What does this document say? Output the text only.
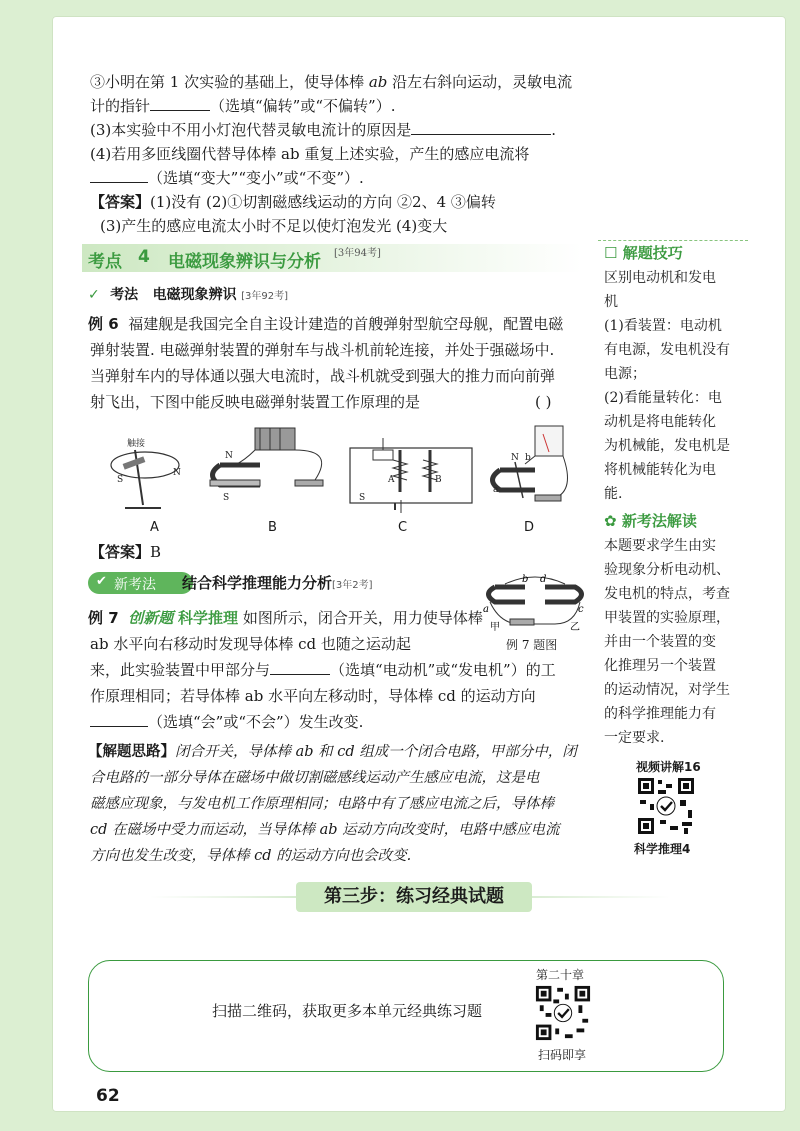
③小明在第 1 次实验的基础上，使导体棒 ab 沿左右斜向运动，灵敏电流
计的指针	（选填“偏转”或“不偏转”）.
(3)本实验中不用小灯泡代替灵敏电流计的原因是	.
(4)若用多匝线圈代替导体棒 ab 重复上述实验，产生的感应电流将
（选填“变大”“变小”或“不变”）.
【答案】(1)没有 (2)①切割磁感线运动的方向 ②2、4 ③偏转
(3)产生的感应电流太小时不足以使灯泡发光 (4)变大
考点 4 电磁现象辨识与分析 [3年94考]
✓ 考法 电磁现象辨识 [3年92考]
例 6 福建舰是我国完全自主设计建造的首艘弹射型航空母舰，配置电磁
弹射装置. 电磁弹射装置的弹射车与战斗机前轮连接，并处于强磁场中.
当弹射车内的导体通以强大电流时，战斗机就受到强大的推力而向前弹
射飞出，下图中能反映电磁弹射装置工作原理的是	( )
触接
N
S
N
S
A	B
S
N b
a
A	B	C	D
【答案】B
✔ 新考法 结合科学推理能力分析[3年2考]
b d
a	c
甲	乙
例 7 题图
例 7 创新题 科学推理 如图所示，闭合开关，用力使导体棒
ab 水平向右移动时发现导体棒 cd 也随之运动起
来，此实验装置中甲部分与	（选填“电动机”或“发电机”）的工
作原理相同；若导体棒 ab 水平向左移动时，导体棒 cd 的运动方向
（选填“会”或“不会”）发生改变.
【解题思路】闭合开关，导体棒 ab 和 cd 组成一个闭合电路，甲部分中，闭
合电路的一部分导体在磁场中做切割磁感线运动产生感应电流，这是电
磁感应现象，与发电机工作原理相同；电路中有了感应电流之后，导体棒
cd 在磁场中受力而运动，当导体棒 ab 运动方向改变时，电路中感应电流
方向也发生改变，导体棒 cd 的运动方向也会改变.
☐ 解题技巧
区别电动机和发电
机
(1)看装置：电动机
有电源，发电机没有
电源；
(2)看能量转化：电
动机是将电能转化
为机械能，发电机是
将机械能转化为电
能.
✿ 新考法解读
本题要求学生由实
验现象分析电动机、
发电机的特点，考查
甲装置的实验原理，
并由一个装置的变
化推理另一个装置
的运动情况，对学生
的科学推理能力有
一定要求.
视频讲解16
科学推理4
第三步：练习经典试题
扫描二维码，获取更多本单元经典练习题
第二十章
扫码即享
62
